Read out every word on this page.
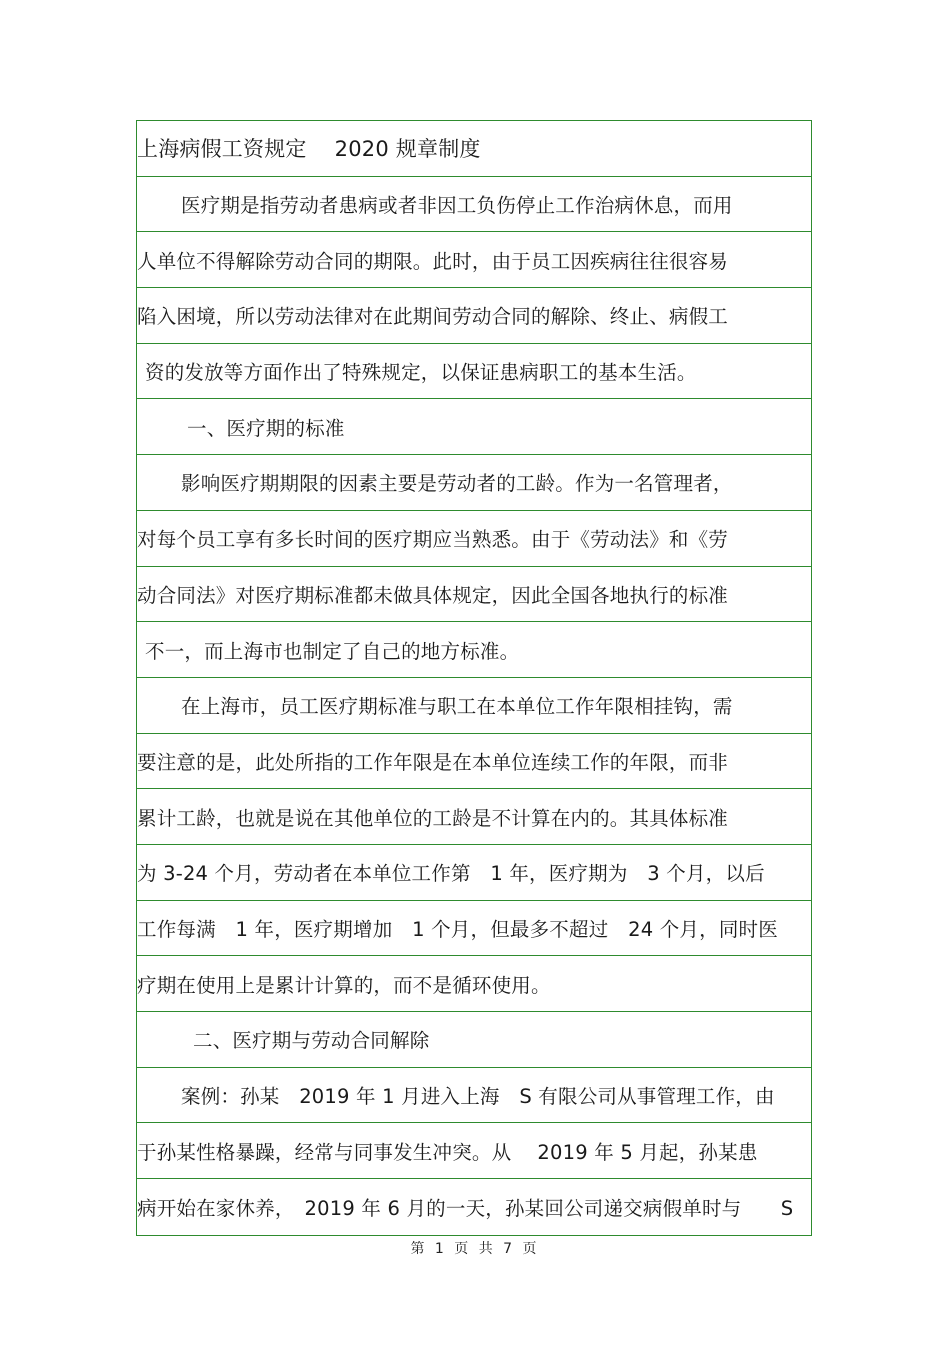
上海病假工资规定　 2020 规章制度
医疗期是指劳动者患病或者非因工负伤停止工作治病休息，而用
人单位不得解除劳动合同的期限。此时，由于员工因疾病往往很容易
陷入困境，所以劳动法律对在此期间劳动合同的解除、终止、病假工
资的发放等方面作出了特殊规定，以保证患病职工的基本生活。
一、医疗期的标准
影响医疗期期限的因素主要是劳动者的工龄。作为一名管理者，
对每个员工享有多长时间的医疗期应当熟悉。由于《劳动法》和《劳
动合同法》对医疗期标准都未做具体规定，因此全国各地执行的标准
不一，而上海市也制定了自己的地方标准。
在上海市，员工医疗期标准与职工在本单位工作年限相挂钩，需
要注意的是，此处所指的工作年限是在本单位连续工作的年限，而非
累计工龄，也就是说在其他单位的工龄是不计算在内的。其具体标准
为 3-24 个月，劳动者在本单位工作第　1 年，医疗期为　3 个月，以后
工作每满　1 年，医疗期增加　1 个月，但最多不超过　24 个月，同时医
疗期在使用上是累计计算的，而不是循环使用。
二、医疗期与劳动合同解除
案例：孙某　2019 年 1 月进入上海　S 有限公司从事管理工作，由
于孙某性格暴躁，经常与同事发生冲突。从　 2019 年 5 月起，孙某患
病开始在家休养，　2019 年 6 月的一天，孙某回公司递交病假单时与　　S
第 1 页 共 7 页
